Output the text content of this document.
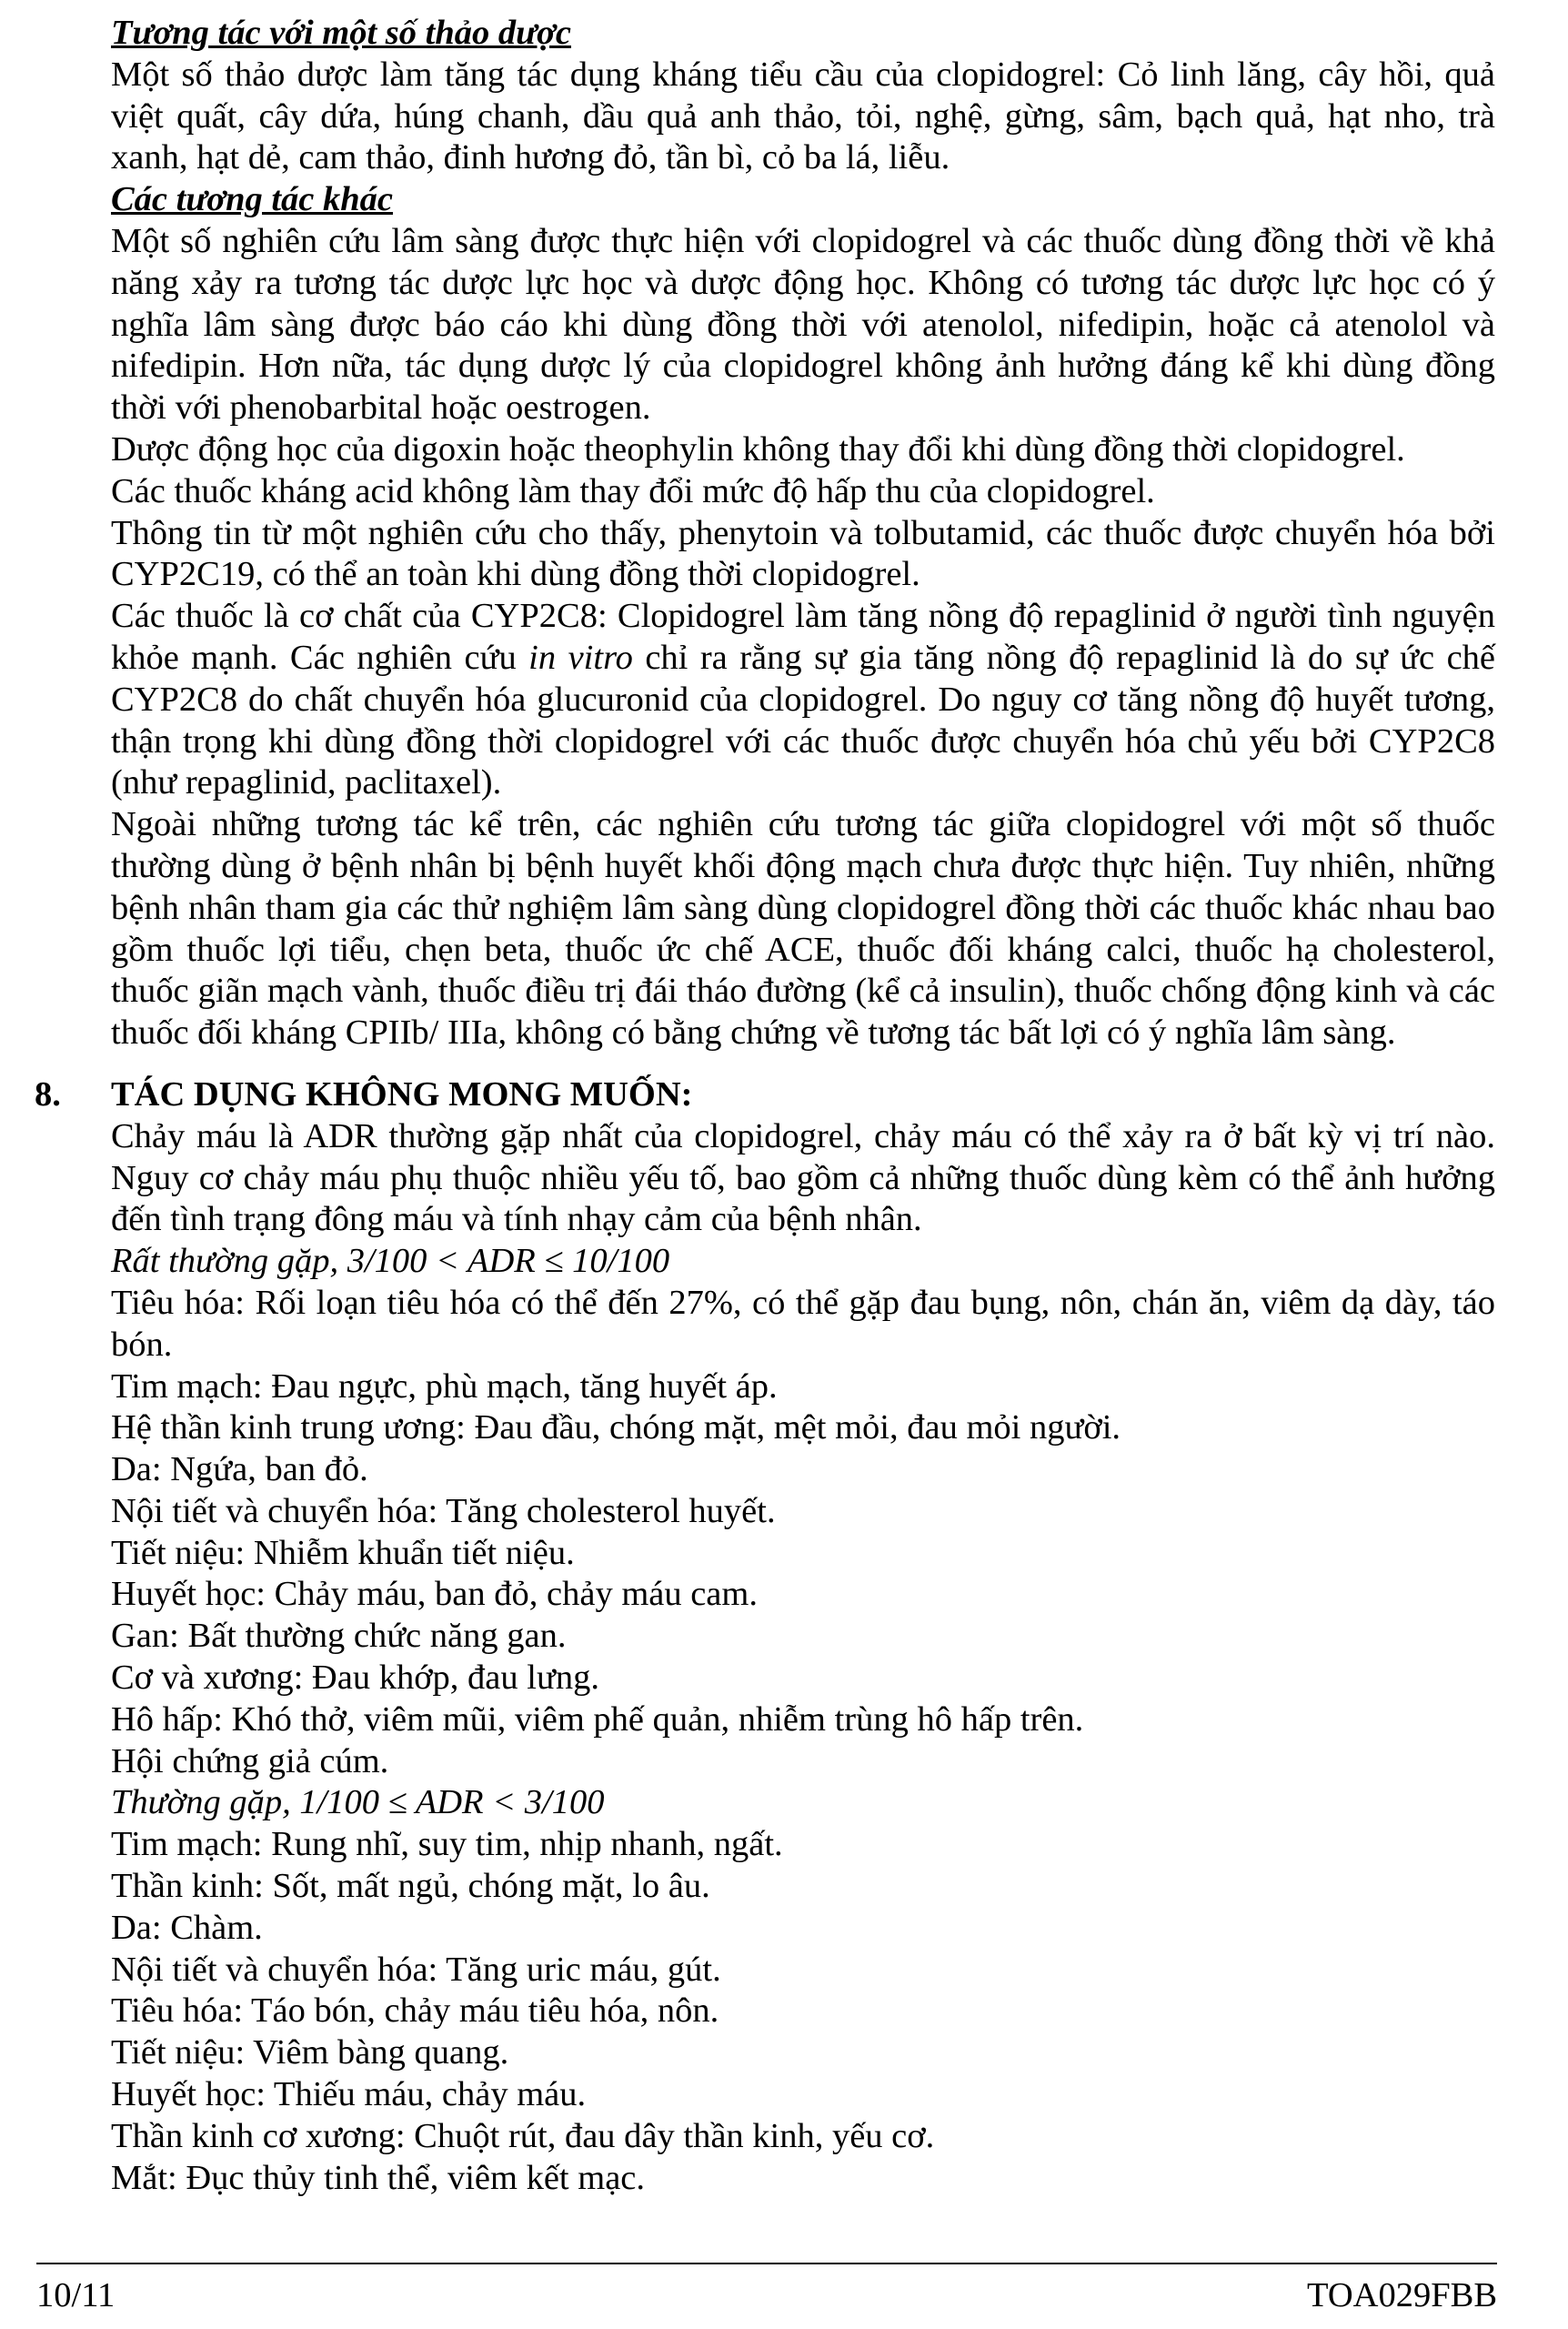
Tương tác với một số thảo dược

Một số thảo dược làm tăng tác dụng kháng tiểu cầu của clopidogrel: Cỏ linh lăng, cây hồi, quả việt quất, cây dứa, húng chanh, dầu quả anh thảo, tỏi, nghệ, gừng, sâm, bạch quả, hạt nho, trà xanh, hạt dẻ, cam thảo, đinh hương đỏ, tần bì, cỏ ba lá, liễu.

Các tương tác khác

Một số nghiên cứu lâm sàng được thực hiện với clopidogrel và các thuốc dùng đồng thời về khả năng xảy ra tương tác dược lực học và dược động học. Không có tương tác dược lực học có ý nghĩa lâm sàng được báo cáo khi dùng đồng thời với atenolol, nifedipin, hoặc cả atenolol và nifedipin. Hơn nữa, tác dụng dược lý của clopidogrel không ảnh hưởng đáng kể khi dùng đồng thời với phenobarbital hoặc oestrogen.

Dược động học của digoxin hoặc theophylin không thay đổi khi dùng đồng thời clopidogrel.

Các thuốc kháng acid không làm thay đổi mức độ hấp thu của clopidogrel.

Thông tin từ một nghiên cứu cho thấy, phenytoin và tolbutamid, các thuốc được chuyển hóa bởi CYP2C19, có thể an toàn khi dùng đồng thời clopidogrel.

Các thuốc là cơ chất của CYP2C8: Clopidogrel làm tăng nồng độ repaglinid ở người tình nguyện khỏe mạnh. Các nghiên cứu in vitro chỉ ra rằng sự gia tăng nồng độ repaglinid là do sự ức chế CYP2C8 do chất chuyển hóa glucuronid của clopidogrel. Do nguy cơ tăng nồng độ huyết tương, thận trọng khi dùng đồng thời clopidogrel với các thuốc được chuyển hóa chủ yếu bởi CYP2C8 (như repaglinid, paclitaxel).

Ngoài những tương tác kể trên, các nghiên cứu tương tác giữa clopidogrel với một số thuốc thường dùng ở bệnh nhân bị bệnh huyết khối động mạch chưa được thực hiện. Tuy nhiên, những bệnh nhân tham gia các thử nghiệm lâm sàng dùng clopidogrel đồng thời các thuốc khác nhau bao gồm thuốc lợi tiểu, chẹn beta, thuốc ức chế ACE, thuốc đối kháng calci, thuốc hạ cholesterol, thuốc giãn mạch vành, thuốc điều trị đái tháo đường (kể cả insulin), thuốc chống động kinh và các thuốc đối kháng CPIIb/ IIIa, không có bằng chứng về tương tác bất lợi có ý nghĩa lâm sàng.

8. TÁC DỤNG KHÔNG MONG MUỐN:

Chảy máu là ADR thường gặp nhất của clopidogrel, chảy máu có thể xảy ra ở bất kỳ vị trí nào. Nguy cơ chảy máu phụ thuộc nhiều yếu tố, bao gồm cả những thuốc dùng kèm có thể ảnh hưởng đến tình trạng đông máu và tính nhạy cảm của bệnh nhân.

Rất thường gặp, 3/100 < ADR ≤ 10/100

Tiêu hóa: Rối loạn tiêu hóa có thể đến 27%, có thể gặp đau bụng, nôn, chán ăn, viêm dạ dày, táo bón.

Tim mạch: Đau ngực, phù mạch, tăng huyết áp.

Hệ thần kinh trung ương: Đau đầu, chóng mặt, mệt mỏi, đau mỏi người.

Da: Ngứa, ban đỏ.

Nội tiết và chuyển hóa: Tăng cholesterol huyết.

Tiết niệu: Nhiễm khuẩn tiết niệu.

Huyết học: Chảy máu, ban đỏ, chảy máu cam.

Gan: Bất thường chức năng gan.

Cơ và xương: Đau khớp, đau lưng.

Hô hấp: Khó thở, viêm mũi, viêm phế quản, nhiễm trùng hô hấp trên.

Hội chứng giả cúm.

Thường gặp, 1/100 ≤ ADR < 3/100

Tim mạch: Rung nhĩ, suy tim, nhịp nhanh, ngất.

Thần kinh: Sốt, mất ngủ, chóng mặt, lo âu.

Da: Chàm.

Nội tiết và chuyển hóa: Tăng uric máu, gút.

Tiêu hóa: Táo bón, chảy máu tiêu hóa, nôn.

Tiết niệu: Viêm bàng quang.

Huyết học: Thiếu máu, chảy máu.

Thần kinh cơ xương: Chuột rút, đau dây thần kinh, yếu cơ.

Mắt: Đục thủy tinh thể, viêm kết mạc.

10/11	TOA029FBB
